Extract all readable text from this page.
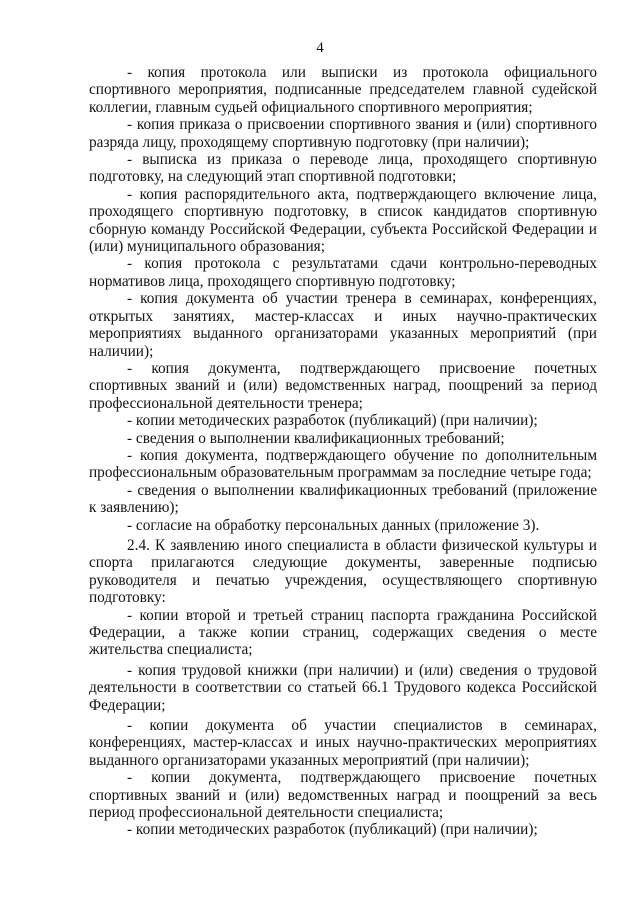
4

- копия протокола или выписки из протокола официального спортивного мероприятия, подписанные председателем главной судейской коллегии, главным судьей официального спортивного мероприятия;

- копия приказа о присвоении спортивного звания и (или) спортивного разряда лицу, проходящему спортивную подготовку (при наличии);

- выписка из приказа о переводе лица, проходящего спортивную подготовку, на следующий этап спортивной подготовки;

- копия распорядительного акта, подтверждающего включение лица, проходящего спортивную подготовку, в список кандидатов спортивную сборную команду Российской Федерации, субъекта Российской Федерации и (или) муниципального образования;

- копия протокола с результатами сдачи контрольно-переводных нормативов лица, проходящего спортивную подготовку;

- копия документа об участии тренера в семинарах, конференциях, открытых занятиях, мастер-классах и иных научно-практических мероприятиях выданного организаторами указанных мероприятий (при наличии);

- копия документа, подтверждающего присвоение почетных спортивных званий и (или) ведомственных наград, поощрений за период профессиональной деятельности тренера;

- копии методических разработок (публикаций) (при наличии);

- сведения о выполнении квалификационных требований;

- копия документа, подтверждающего обучение по дополнительным профессиональным образовательным программам за последние четыре года;

- сведения о выполнении квалификационных требований (приложение к заявлению);

- согласие на обработку персональных данных (приложение 3).

2.4. К заявлению иного специалиста в области физической культуры и спорта прилагаются следующие документы, заверенные подписью руководителя и печатью учреждения, осуществляющего спортивную подготовку:

- копии второй и третьей страниц паспорта гражданина Российской Федерации, а также копии страниц, содержащих сведения о месте жительства специалиста;

- копия трудовой книжки (при наличии) и (или) сведения о трудовой деятельности в соответствии со статьей 66.1 Трудового кодекса Российской Федерации;

- копии документа об участии специалистов в семинарах, конференциях, мастер-классах и иных научно-практических мероприятиях выданного организаторами указанных мероприятий (при наличии);

- копии документа, подтверждающего присвоение почетных спортивных званий и (или) ведомственных наград и поощрений за весь период профессиональной деятельности специалиста;

- копии методических разработок (публикаций) (при наличии);
